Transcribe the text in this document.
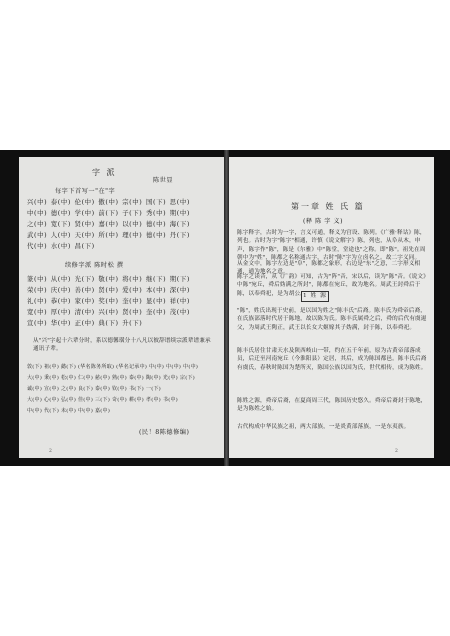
字 派
陈世显
每字下首写一"在"字
兴(中) 泰(中) 伦(中) 傲(中) 宗(中) 国(下) 思(中)
中(中) 德(中) 学(中) 前(下) 子(下) 秀(中) 期(中)
之(中) 宽(下) 贤(中) 嘉(中) 以(中) 德(中) 海(下)
武(中) 人(中) 天(中) 所(中) 理(中) 德(中) 丹(下)
代(中) 水(中) 昌(下)
续修字派 陈时松 撰
篆(中) 从(中) 光(下) 敬(中) 将(中) 继(下) 期(下)
荣(中) 庆(中) 善(中) 贤(中) 爱(中) 本(中) 深(中)
礼(中) 恭(中) 家(中) 奖(中) 奎(中) 显(中) 祥(中)
宽(中) 厚(中) 清(中) 兴(中) 贤(中) 奎(中) 茂(中)
宣(中) 华(中) 正(中) 典(下) 升(下)
从"兴"字起十六辈分时，系以德馨璜分十八凡以彼辞谱续宗派辈谱兼承通讯子辈。
敦(下) 祖(中) 懿(下) (华名陈务所取) (华名记承中) 中(中) 中(中) 中(中)
大(中) 秉(中) 松(中) 仁(中) 慈(中) 熟(中) 泰(中) 陶(中) 光(中) 宗(下)
诚(中) 宣(中) 之(中) 良(下) 泰(中) 钦(中) 书(下) 一(下)
大(中) 心(中) 弘(中) 佳(中) 三(下) 奇(中) 耕(中) 孝(中) 书(中)
中(中) 代(下) 未(中) 中(中) 嘉(中)
(民！8陈德修编)
2
第一章 姓 氏 篇
(释 陈 字 义)
陈字释字，古时为一字，言义可通，释义为宫设、陈列。《广雅·释诂》陈，列也。古时为字"陈字"相通，许慎《说文解字》陈，列也，从阜从木，申声，陈字作"陈"，陈是《尔雅》中"陈堂，堂途也"之称。即"陈"。祖先在周朝中为"姓"，陈都之名称通古字，古时"陈"字为立卤名之。故二字义同。
从金文中，陈字左边是"阜"，陈都之象形，右边是"东"之意，二字形义相通，通为地名之意。
陈字之读音，从《广韵》可知，古为"阵"音，宋以后，读为"陈"音。《说文》中陈"宛丘，舜后妫满之所封"，陈都在宛丘，故为地名。周武王封舜后于陈，以奉舜祀，是为胡公。
1 姓 源
"陈"，姓氏出现于史前，是以国为姓之"陈丰氏"后裔。陈丰氏为舜帝后裔，在氏族部落时代居于陈地，故以陈为氏。陈丰氏属舜之后，舜的后代有虞遏父，为周武王陶正，武王以长女大姬嫁其子妫满，封于陈，以奉舜祀。
陈丰氏居住甘肃天水及陕西岐山一带，约在五千年前，原为古黄帝部落成员，后迁至河南宛丘（今淮阳县）定居，其后，成为陈国都邑。陈丰氏后裔有虞氏，春秋时陈国为楚所灭，陈国公族以国为氏，世代相传，成为陈姓。
陈姓之源，舜帝后裔，在夏商周三代，陈国历史悠久。舜帝后裔封于陈地，是为陈姓之始。
古代构成中华民族之祖，两大部族，一是炎黄部落族，一是东夷族。
2
